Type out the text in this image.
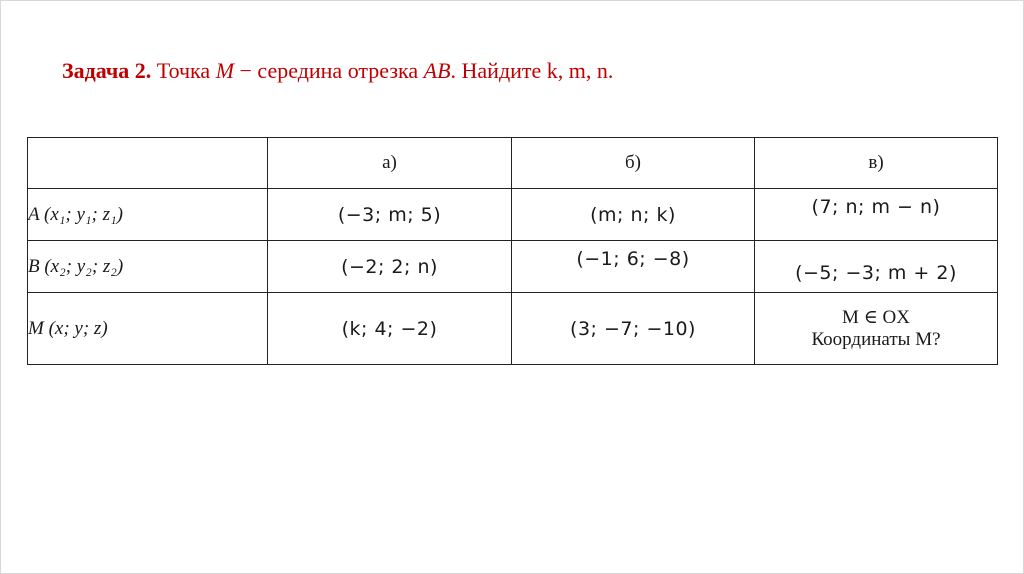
Задача 2. Точка M − середина отрезка AB. Найдите k, m, n.
	а)	б)	в)
A (x₁; y₁; z₁)	(−3; m; 5)	(m; n; k)	(7; n; m − n)
B (x₂; y₂; z₂)	(−2; 2; n)	(−1; 6; −8)	(−5; −3; m + 2)
M (x; y; z)	(k; 4; −2)	(3; −7; −10)	M ∈ OX
Координаты M?
